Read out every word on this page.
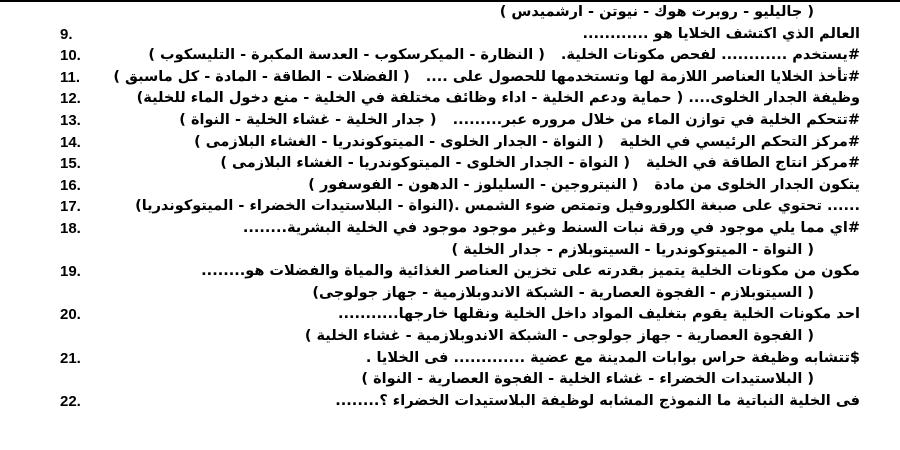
( جاليليو - روبرت هوك - نيوتن - ارشميدس )
العالم الذي اكتشف الخلايا هو ............
9.
#يستخدم ............ لفحص مكونات الخلية.
( النظارة - الميكرسكوب - العدسة المكبرة - التليسكوب )
10.
#تأخذ الخلايا العناصر اللازمة لها وتستخدمها للحصول على ....
( الفضلات - الطاقة - المادة - كل ماسبق )
11.
وظيفة الجدار الخلوى.... ( حماية ودعم الخلية - اداء وظائف مختلفة في الخلية - منع دخول الماء للخلية)
12.
#تتحكم الخلية في توازن الماء من خلال مروره عبر.........
( جدار الخلية - غشاء الخلية - النواة )
13.
#مركز التحكم الرئيسي في الخلية
( النواة - الجدار الخلوى - الميتوكوندريا - الغشاء البلازمى )
14.
#مركز انتاج الطاقة في الخلية
( النواة - الجدار الخلوى - الميتوكوندريا - الغشاء البلازمى )
15.
يتكون الجدار الخلوى من مادة
( النيتروجين - السليلوز - الدهون - الفوسفور )
16.
...... تحتوي على صبغة الكلوروفيل وتمتص ضوء الشمس .(النواة - البلاستيدات الخضراء - الميتوكوندريا)
17.
#اي مما يلي موجود في ورقة نبات السنط وغير موجود موجود في الخلية البشرية........
18.
( النواة - الميتوكوندريا - السيتوبلازم - جدار الخلية )
مكون من مكونات الخلية يتميز بقدرته على تخزين العناصر الغذائية والمياة والفضلات هو........
19.
( السيتوبلازم - الفجوة العصارية - الشبكة الاندوبلازمية - جهاز جولوجى)
احد مكونات الخلية يقوم بتغليف المواد داخل الخلية ونقلها خارجها...........
20.
( الفجوة العصارية - جهاز جولوجى - الشبكة الاندوبلازمية - غشاء الخلية )
$تتشابه وظيفة حراس بوابات المدينة مع عضية ............. فى الخلايا .
21.
( البلاستيدات الخضراء - غشاء الخلية - الفجوة العصارية - النواة )
فى الخلية النباتية ما النموذج المشابه لوظيفة البلاستيدات الخضراء ؟........
22.
